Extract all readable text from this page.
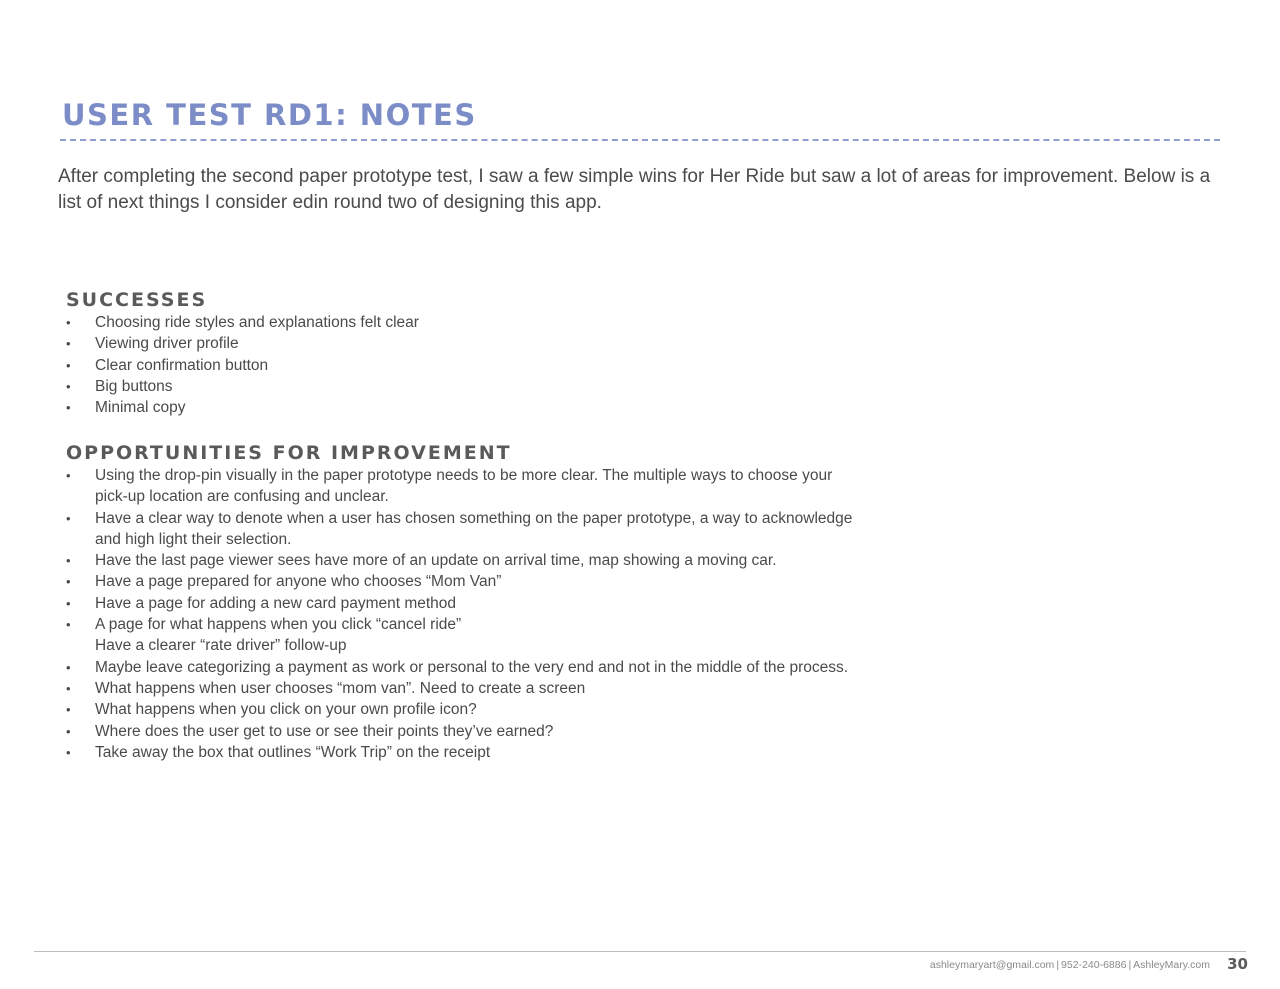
USER TEST RD1: NOTES

After completing the second paper prototype test, I saw a few simple wins for Her Ride but saw a lot of areas for improvement. Below is a list of next things I consider edin round two of designing this app.

SUCCESSES
• Choosing ride styles and explanations felt clear
• Viewing driver profile
• Clear confirmation button
• Big buttons
• Minimal copy
OPPORTUNITIES FOR IMPROVEMENT
• Using the drop-pin visually in the paper prototype needs to be more clear. The multiple ways to choose your
pick-up location are confusing and unclear.
• Have a clear way to denote when a user has chosen something on the paper prototype, a way to acknowledge
and high light their selection.
• Have the last page viewer sees have more of an update on arrival time, map showing a moving car.
• Have a page prepared for anyone who chooses “Mom Van”
• Have a page for adding a new card payment method
• A page for what happens when you click “cancel ride”
Have a clearer “rate driver” follow-up
• Maybe leave categorizing a payment as work or personal to the very end and not in the middle of the process.
• What happens when user chooses “mom van”. Need to create a screen
• What happens when you click on your own profile icon?
• Where does the user get to use or see their points they’ve earned?
• Take away the box that outlines “Work Trip” on the receipt
ashleymaryart@gmail.com | 952-240-6886 | AshleyMary.com 30
